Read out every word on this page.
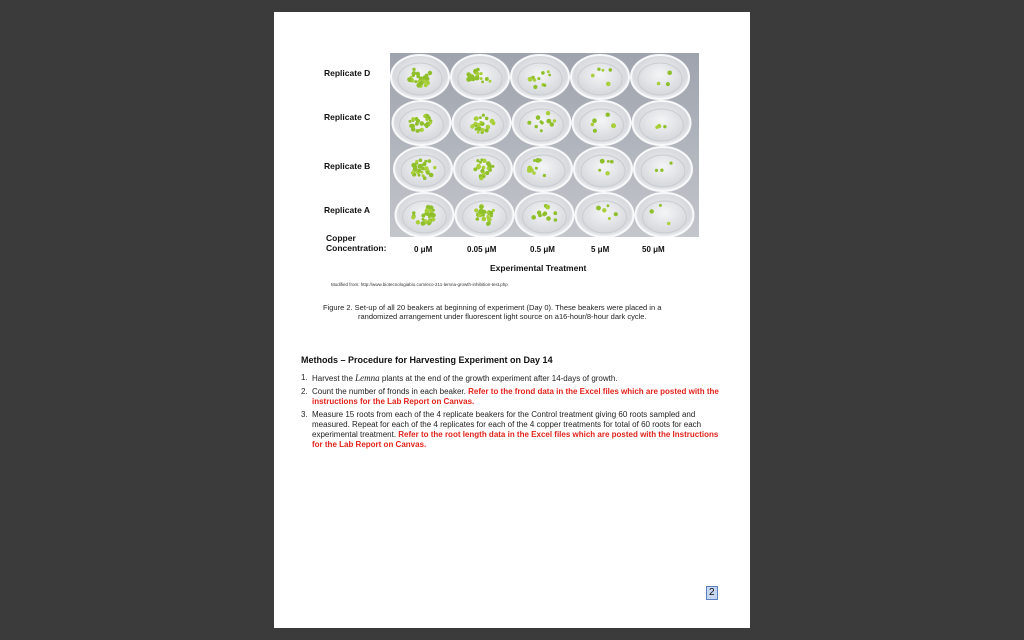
Replicate D
Replicate C
Replicate B
Replicate A
Copper
Concentration:	0 μM	0.05 μM	0.5 μM	5 μM	50 μM
Experimental Treatment
Modified from: http://www.biotecnologiabio.com/eco-211-lemna-growth-inhibition-test.php
Figure 2. Set-up of all 20 beakers at beginning of experiment (Day 0). These beakers were placed in a
randomized arrangement under fluorescent light source on a16-hour/8-hour dark cycle.
Methods – Procedure for Harvesting Experiment on Day 14
1. Harvest the Lemna plants at the end of the growth experiment after 14-days of growth.
2. Count the number of fronds in each beaker. Refer to the frond data in the Excel files which are posted with the instructions for the Lab Report on Canvas.
3. Measure 15 roots from each of the 4 replicate beakers for the Control treatment giving 60 roots sampled and measured. Repeat for each of the 4 replicates for each of the 4 copper treatments for total of 60 roots for each experimental treatment. Refer to the root length data in the Excel files which are posted with the Instructions for the Lab Report on Canvas.
2
